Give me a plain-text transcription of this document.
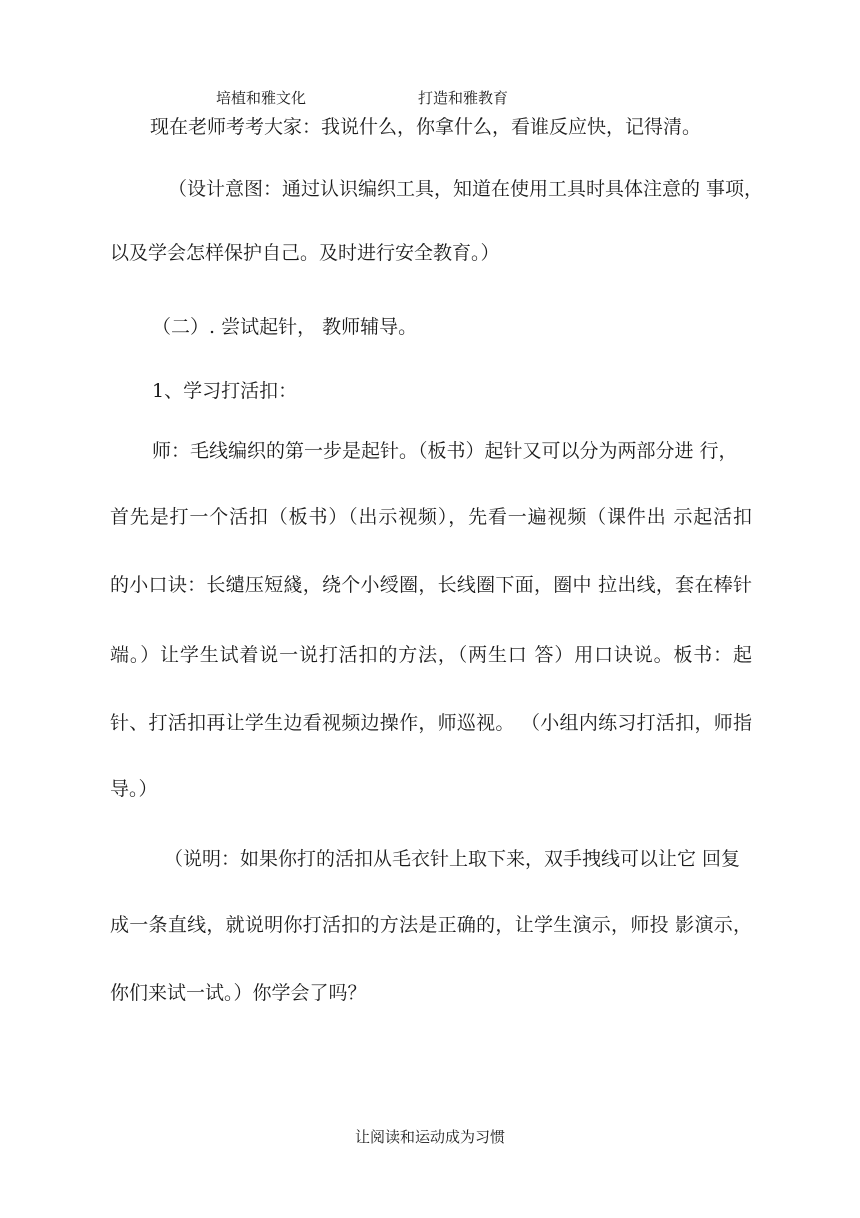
培植和雅文化	打造和雅教育
现在老师考考大家：我说什么，你拿什么，看谁反应快，记得清。
（设计意图：通过认识编织工具，知道在使用工具时具体注意的 事项，
以及学会怎样保护自己。及时进行安全教育。）
（二）. 尝试起针， 教师辅导。
1、学习打活扣：
师：毛线编织的第一步是起针。（板书）起针又可以分为两部分进 行，
首先是打一个活扣（板书）（出示视频），先看一遍视频（课件出 示起活扣
的小口诀：长缱压短綫，绕个小绶圈，长线圈下面，圈中 拉出线，套在棒针
端。）让学生试着说一说打活扣的方法，（两生口 答）用口诀说。板书：起
针、打活扣再让学生边看视频边操作，师巡视。 （小组内练习打活扣，师指
导。）
（说明：如果你打的活扣从毛衣针上取下来，双手拽线可以让它 回复
成一条直线，就说明你打活扣的方法是正确的，让学生演示，师投 影演示，
你们来试一试。）你学会了吗？
让阅读和运动成为习惯
